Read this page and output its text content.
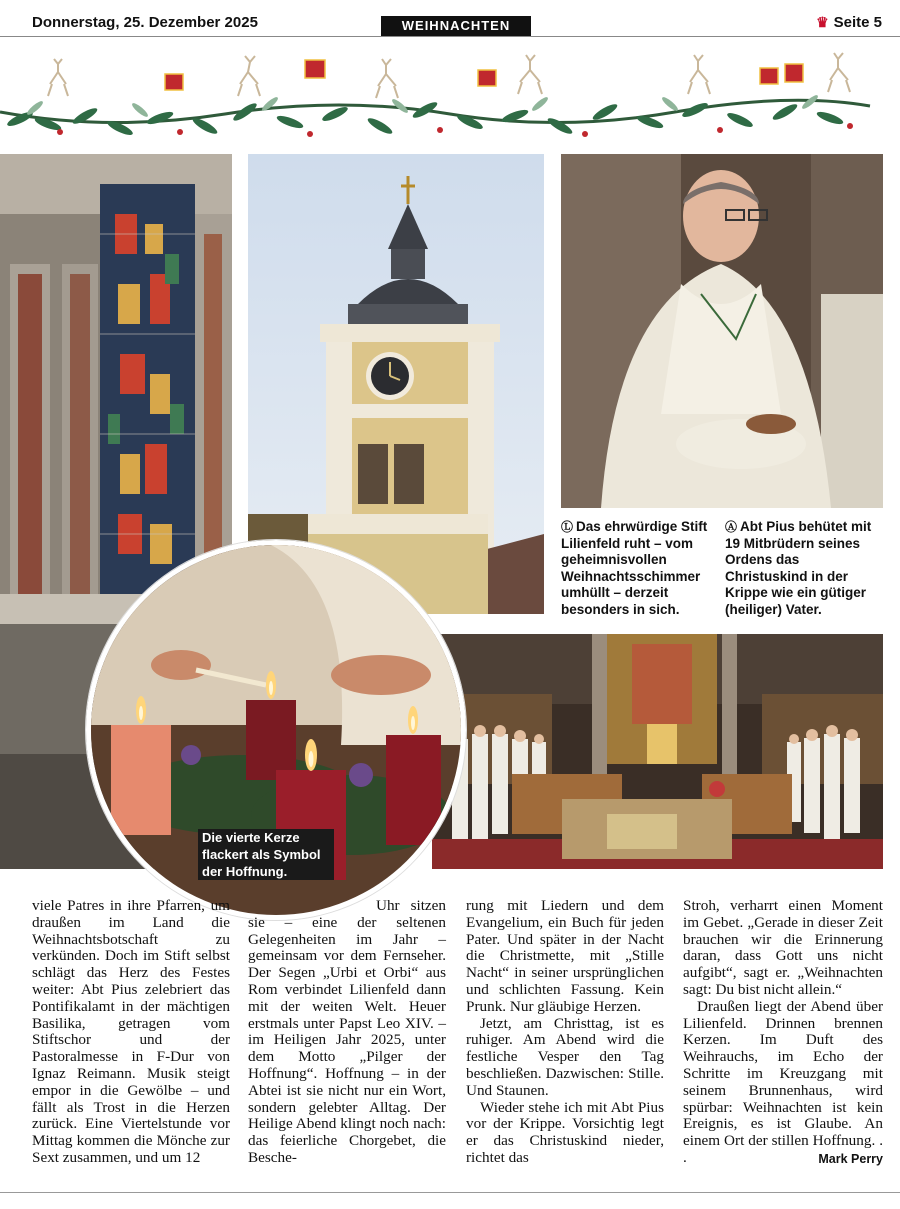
Donnerstag, 25. Dezember 2025	WEIHNACHTEN	♛ Seite 5
Ⓛ Das ehrwürdige Stift Lilienfeld ruht – vom geheimnisvollen Weihnachtsschimmer umhüllt – derzeit besonders in sich.
Ⓐ Abt Pius behütet mit 19 Mitbrüdern seines Ordens das Christuskind in der Krippe wie ein gütiger (heiliger) Vater.
Die vierte Kerze flackert als Symbol der Hoffnung.

viele Patres in ihre Pfarren, um draußen im Land die Weihnachtsbotschaft zu verkünden. Doch im Stift selbst schlägt das Herz des Festes weiter: Abt Pius zelebriert das Pontifikalamt in der mächtigen Basilika, getragen vom Stiftschor und der Pastoralmesse in F-Dur von Ignaz Reimann. Musik steigt empor in die Gewölbe – und fällt als Trost in die Herzen zurück. Eine Viertelstunde vor Mittag kommen die Mönche zur Sext zusammen, und um 12

Uhr sitzen sie – eine der seltenen Gelegenheiten im Jahr – gemeinsam vor dem Fernseher. Der Segen „Urbi et Orbi“ aus Rom verbindet Lilienfeld dann mit der weiten Welt. Heuer erstmals unter Papst Leo XIV. – im Heiligen Jahr 2025, unter dem Motto „Pilger der Hoffnung“. Hoffnung – in der Abtei ist sie nicht nur ein Wort, sondern gelebter Alltag. Der Heilige Abend klingt noch nach: das feierliche Chorgebet, die Besche-

rung mit Liedern und dem Evangelium, ein Buch für jeden Pater. Und später in der Nacht die Christmette, mit „Stille Nacht“ in seiner ursprünglichen und schlichten Fassung. Kein Prunk. Nur gläubige Herzen.

Jetzt, am Christtag, ist es ruhiger. Am Abend wird die festliche Vesper den Tag beschließen. Dazwischen: Stille. Und Staunen.

Wieder stehe ich mit Abt Pius vor der Krippe. Vorsichtig legt er das Christuskind nieder, richtet das

Stroh, verharrt einen Moment im Gebet. „Gerade in dieser Zeit brauchen wir die Erinnerung daran, dass Gott uns nicht aufgibt“, sagt er. „Weihnachten sagt: Du bist nicht allein.“

Draußen liegt der Abend über Lilienfeld. Drinnen brennen Kerzen. Im Duft des Weihrauchs, im Echo der Schritte im Kreuzgang mit seinem Brunnenhaus, wird spürbar: Weihnachten ist kein Ereignis, es ist Glaube. An einem Ort der stillen Hoffnung. . .	Mark Perry
